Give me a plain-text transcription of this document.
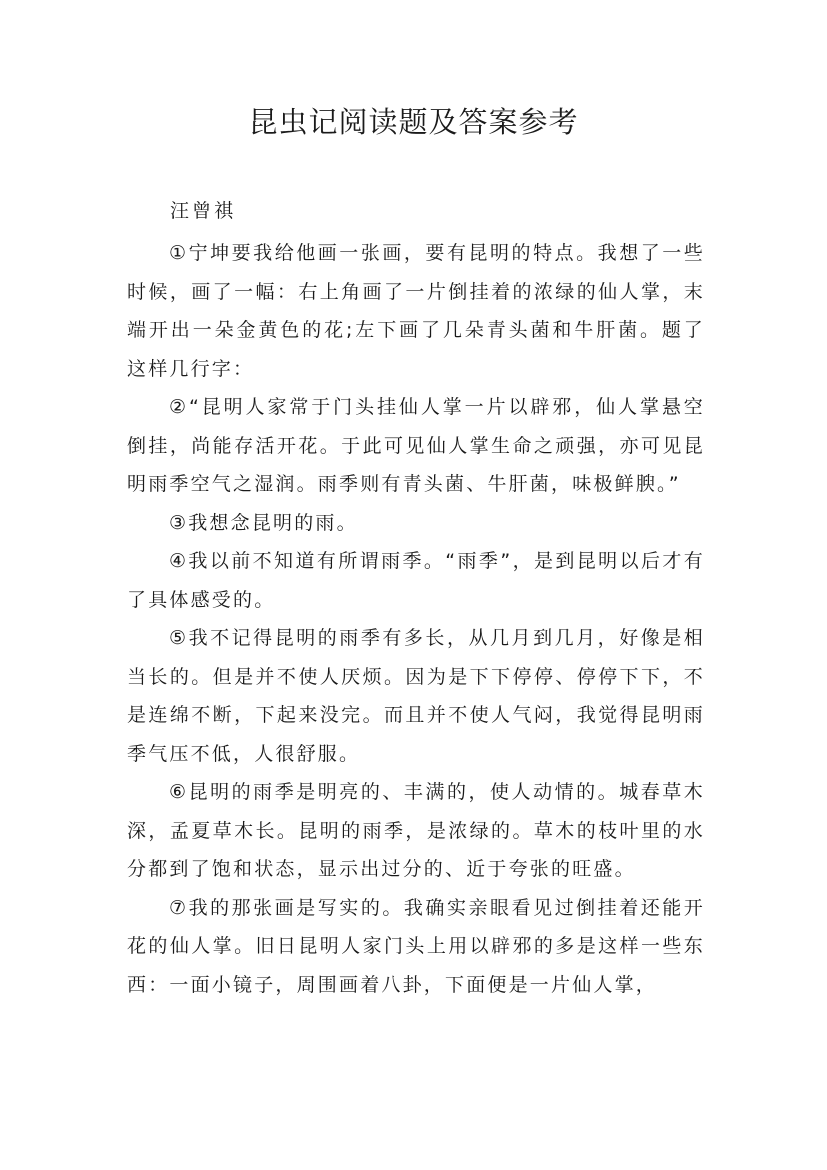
昆虫记阅读题及答案参考
汪曾祺

①宁坤要我给他画一张画，要有昆明的特点。我想了一些时候，画了一幅：右上角画了一片倒挂着的浓绿的仙人掌，末端开出一朵金黄色的花;左下画了几朵青头菌和牛肝菌。题了这样几行字：

②“昆明人家常于门头挂仙人掌一片以辟邪，仙人掌悬空倒挂，尚能存活开花。于此可见仙人掌生命之顽强，亦可见昆明雨季空气之湿润。雨季则有青头菌、牛肝菌，味极鲜腴。”

③我想念昆明的雨。

④我以前不知道有所谓雨季。“雨季”，是到昆明以后才有了具体感受的。

⑤我不记得昆明的雨季有多长，从几月到几月，好像是相当长的。但是并不使人厌烦。因为是下下停停、停停下下，不是连绵不断，下起来没完。而且并不使人气闷，我觉得昆明雨季气压不低，人很舒服。

⑥昆明的雨季是明亮的、丰满的，使人动情的。城春草木深，孟夏草木长。昆明的雨季，是浓绿的。草木的枝叶里的水分都到了饱和状态，显示出过分的、近于夸张的旺盛。

⑦我的那张画是写实的。我确实亲眼看见过倒挂着还能开花的仙人掌。旧日昆明人家门头上用以辟邪的多是这样一些东西：一面小镜子，周围画着八卦，下面便是一片仙人掌，
